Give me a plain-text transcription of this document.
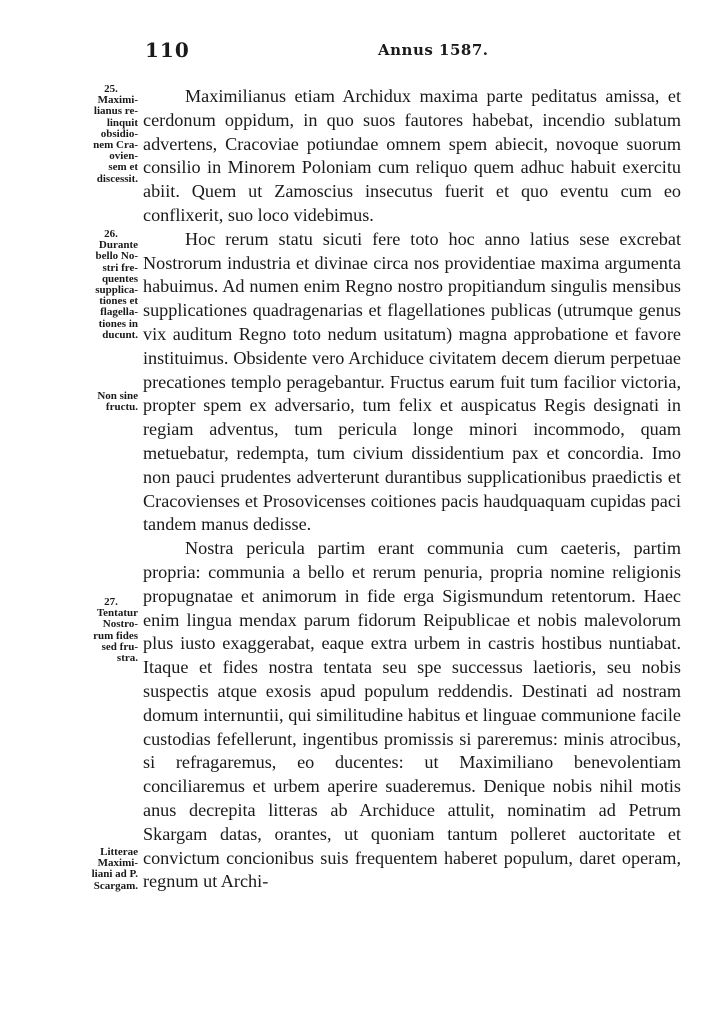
110	Annus 1587.
25.
Maximi-
lianus re-
linquit
obsidio-
nem Cra-
ovien-
sem et
discessit.
26.
Durante
bello No-
stri fre-
quentes
supplica-
tiones et
flagella-
tiones in
ducunt.
Non sine
fructu.
27.
Tentatur
Nostro-
rum fides
sed fru-
stra.
Litterae
Maximi-
liani ad P.
Scargam.

Maximilianus etiam Archidux maxima parte peditatus amissa, et cerdonum oppidum, in quo suos fautores habebat, incendio sublatum advertens, Cracoviae potiundae omnem spem abiecit, novoque suorum consilio in Minorem Poloniam cum reliquo quem adhuc habuit exercitu abiit. Quem ut Zamoscius insecutus fuerit et quo eventu cum eo conflixerit, suo loco videbimus.

Hoc rerum statu sicuti fere toto hoc anno latius sese excrebat Nostrorum industria et divinae circa nos providentiae maxima argumenta habuimus. Ad numen enim Regno nostro propitiandum singulis mensibus supplicationes quadragenarias et flagellationes publicas (utrumque genus vix auditum Regno toto nedum usitatum) magna approbatione et favore instituimus. Obsidente vero Archiduce civitatem decem dierum perpetuae precationes templo peragebantur. Fructus earum fuit tum facilior victoria, propter spem ex adversario, tum felix et auspicatus Regis designati in regiam adventus, tum pericula longe minori incommodo, quam metuebatur, redempta, tum civium dissidentium pax et concordia. Imo non pauci prudentes adverterunt durantibus supplicationibus praedictis et Cracovienses et Prosovicenses coitiones pacis haudquaquam cupidas paci tandem manus dedisse.

Nostra pericula partim erant communia cum caeteris, partim propria: communia a bello et rerum penuria, propria nomine religionis propugnatae et animorum in fide erga Sigismundum retentorum. Haec enim lingua mendax parum fidorum Reipublicae et nobis malevolorum plus iusto exaggerabat, eaque extra urbem in castris hostibus nuntiabat. Itaque et fides nostra tentata seu spe successus laetioris, seu nobis suspectis atque exosis apud populum reddendis. Destinati ad nostram domum internuntii, qui similitudine habitus et linguae communione facile custodias fefellerunt, ingentibus promissis si pareremus: minis atrocibus, si refragaremus, eo ducentes: ut Maximiliano benevolentiam conciliaremus et urbem aperire suaderemus. Denique nobis nihil motis anus decrepita litteras ab Archiduce attulit, nominatim ad Petrum Skargam datas, orantes, ut quoniam tantum polleret auctoritate et convictum concionibus suis frequentem haberet populum, daret operam, regnum ut Archi-
